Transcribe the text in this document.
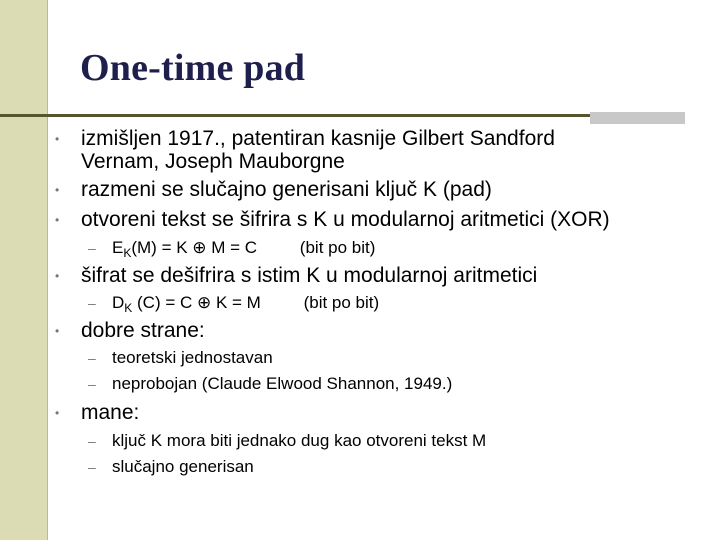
One-time pad
• izmišljen 1917., patentiran kasnije Gilbert Sandford
Vernam, Joseph Mauborgne
• razmeni se slučajno generisani ključ K (pad)
• otvoreni tekst se šifrira s K u modularnoj aritmetici (XOR)
– $E_K(M) = K$ ⊕ M = C	(bit po bit)
• šifrat se dešifrira s istim K u modularnoj aritmetici
– $D_K$ (C) = C ⊕ K = M	(bit po bit)
• dobre strane:
– teoretski jednostavan
– neprobojan (Claude Elwood Shannon, 1949.)
• mane:
– ključ K mora biti jednako dug kao otvoreni tekst M
– slučajno generisan
